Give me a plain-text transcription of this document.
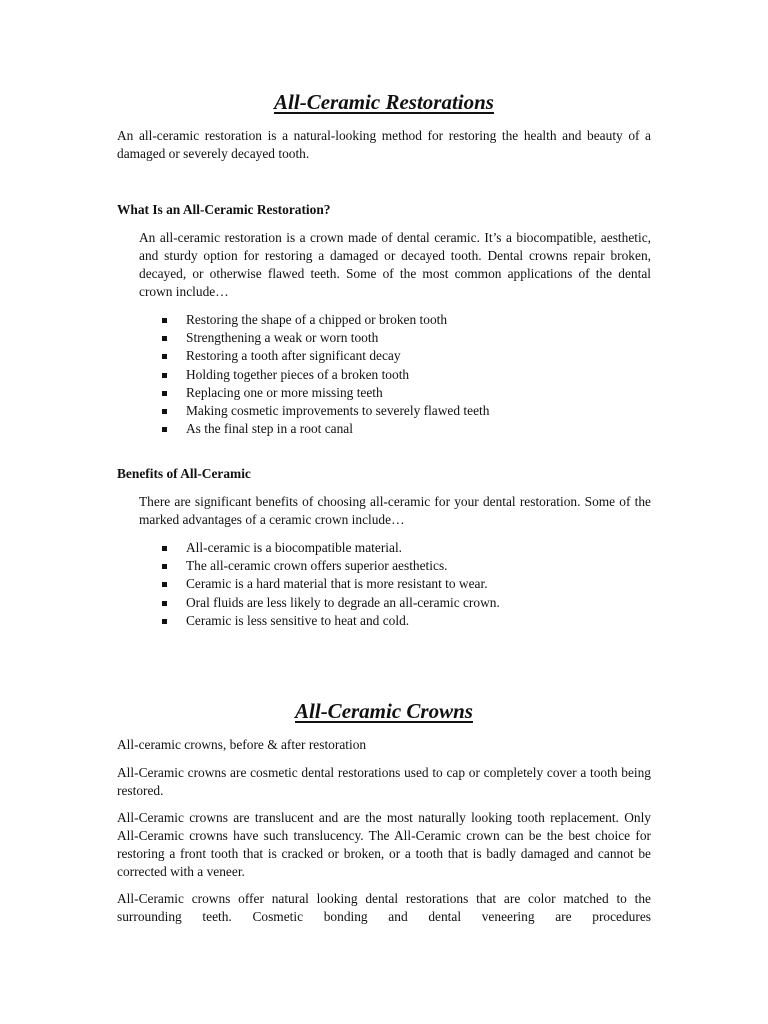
All-Ceramic Restorations

An all-ceramic restoration is a natural-looking method for restoring the health and beauty of a damaged or severely decayed tooth.

What Is an All-Ceramic Restoration?

An all-ceramic restoration is a crown made of dental ceramic. It’s a biocompatible, aesthetic, and sturdy option for restoring a damaged or decayed tooth. Dental crowns repair broken, decayed, or otherwise flawed teeth. Some of the most common applications of the dental crown include…

Restoring the shape of a chipped or broken tooth
Strengthening a weak or worn tooth
Restoring a tooth after significant decay
Holding together pieces of a broken tooth
Replacing one or more missing teeth
Making cosmetic improvements to severely flawed teeth
As the final step in a root canal
Benefits of All-Ceramic

There are significant benefits of choosing all-ceramic for your dental restoration. Some of the marked advantages of a ceramic crown include…

All-ceramic is a biocompatible material.
The all-ceramic crown offers superior aesthetics.
Ceramic is a hard material that is more resistant to wear.
Oral fluids are less likely to degrade an all-ceramic crown.
Ceramic is less sensitive to heat and cold.
All-Ceramic Crowns

All-ceramic crowns, before & after restoration

All-Ceramic crowns are cosmetic dental restorations used to cap or completely cover a tooth being restored.

All-Ceramic crowns are translucent and are the most naturally looking tooth replacement. Only All-Ceramic crowns have such translucency. The All-Ceramic crown can be the best choice for restoring a front tooth that is cracked or broken, or a tooth that is badly damaged and cannot be corrected with a veneer.

All-Ceramic crowns offer natural looking dental restorations that are color matched to the surrounding teeth. Cosmetic bonding and dental veneering are procedures
